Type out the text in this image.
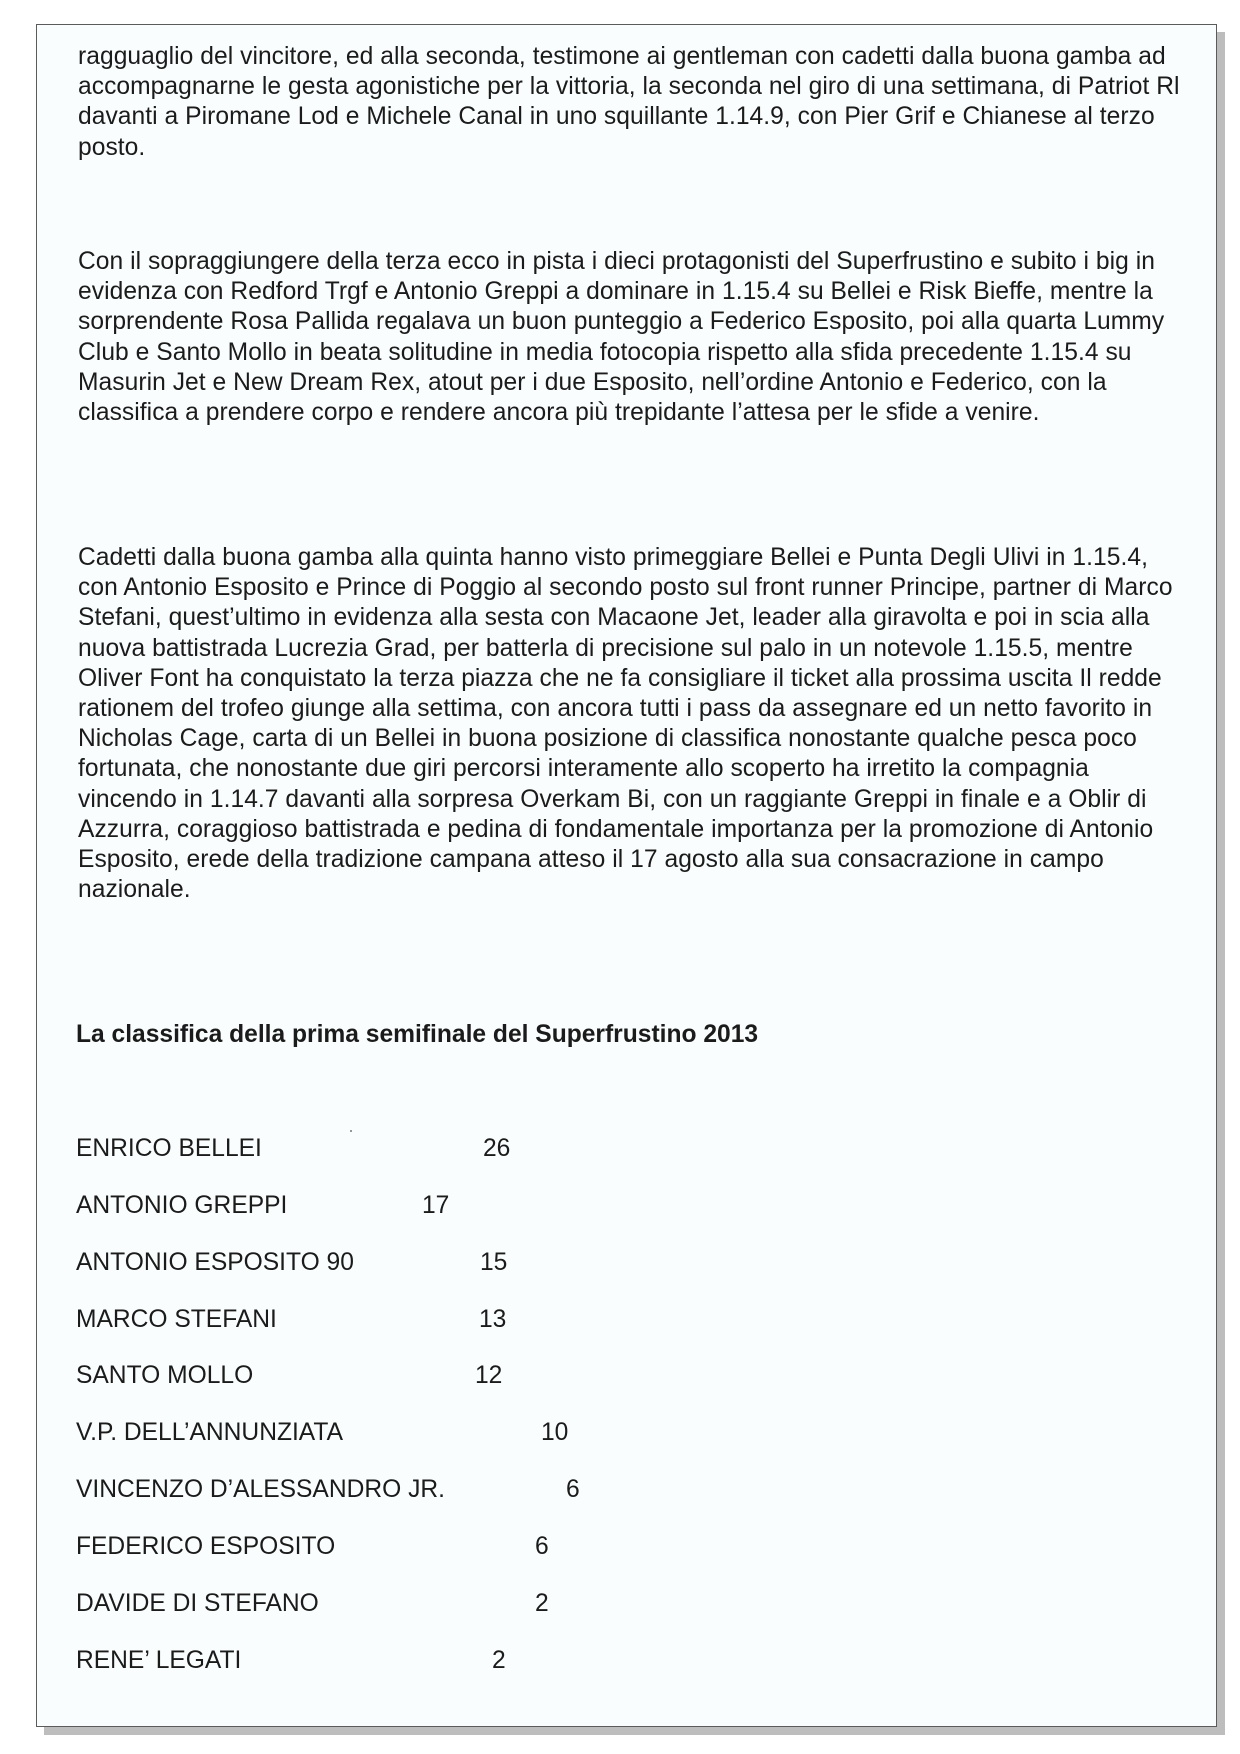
ragguaglio del vincitore, ed alla seconda, testimone ai gentleman con cadetti dalla buona gamba ad accompagnarne le gesta agonistiche per la vittoria, la seconda nel giro di una settimana, di Patriot Rl davanti a Piromane Lod e Michele Canal in uno squillante 1.14.9, con Pier Grif e Chianese al terzo posto.

Con il sopraggiungere della terza ecco in pista i dieci protagonisti del Superfrustino e subito i big in evidenza con Redford Trgf e Antonio Greppi a dominare in 1.15.4 su Bellei e Risk Bieffe, mentre la sorprendente Rosa Pallida regalava un buon punteggio a Federico Esposito, poi alla quarta Lummy Club e Santo Mollo in beata solitudine in media fotocopia rispetto alla sfida precedente 1.15.4 su Masurin Jet e New Dream Rex, atout per i due Esposito, nell’ordine Antonio e Federico, con la classifica a prendere corpo e rendere ancora più trepidante l’attesa per le sfide a venire.

Cadetti dalla buona gamba alla quinta hanno visto primeggiare Bellei e Punta Degli Ulivi in 1.15.4, con Antonio Esposito e Prince di Poggio al secondo posto sul front runner Principe, partner di Marco Stefani, quest’ultimo in evidenza alla sesta con Macaone Jet, leader alla giravolta e poi in scia alla nuova battistrada Lucrezia Grad, per batterla di precisione sul palo in un notevole 1.15.5, mentre Oliver Font ha conquistato la terza piazza che ne fa consigliare il ticket alla prossima uscita Il redde rationem del trofeo giunge alla settima, con ancora tutti i pass da assegnare ed un netto favorito in Nicholas Cage, carta di un Bellei in buona posizione di classifica nonostante qualche pesca poco fortunata, che nonostante due giri percorsi interamente allo scoperto ha irretito la compagnia vincendo in 1.14.7 davanti alla sorpresa Overkam Bi, con un raggiante Greppi in finale e a Oblir di Azzurra, coraggioso battistrada e pedina di fondamentale importanza per la promozione di Antonio Esposito, erede della tradizione campana atteso il 17 agosto alla sua consacrazione in campo nazionale.

La classifica della prima semifinale del Superfrustino 2013

ENRICO BELLEI	26
ANTONIO GREPPI	17
ANTONIO ESPOSITO 90	15
MARCO STEFANI	13
SANTO MOLLO	12
V.P. DELL’ANNUNZIATA	10
VINCENZO D’ALESSANDRO JR.	6
FEDERICO ESPOSITO	6
DAVIDE DI STEFANO	2
RENE’ LEGATI	2
